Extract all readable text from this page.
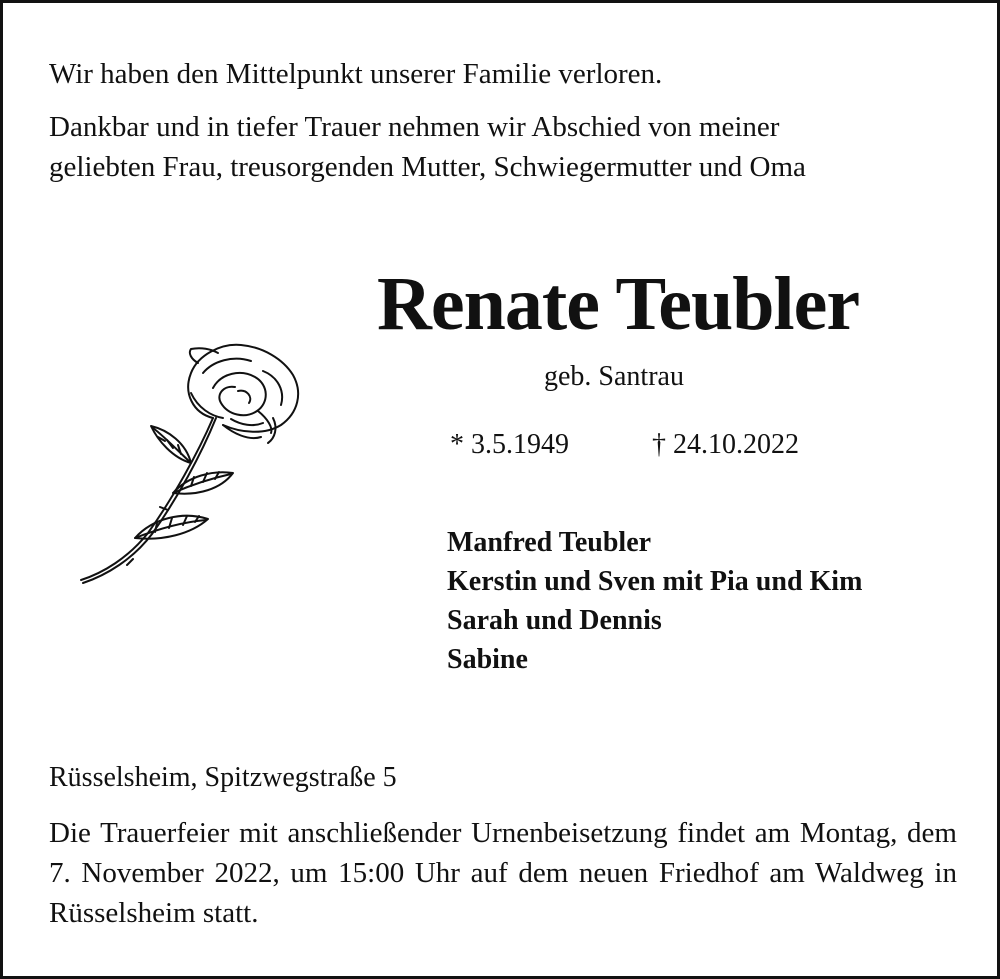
Wir haben den Mittelpunkt unserer Familie verloren.

Dankbar und in tiefer Trauer nehmen wir Abschied von meiner

geliebten Frau, treusorgenden Mutter, Schwiegermutter und Oma

Renate Teubler

geb. Santrau

* 3.5.1949	† 24.10.2022

Manfred Teubler

Kerstin und Sven mit Pia und Kim

Sarah und Dennis

Sabine

Rüsselsheim, Spitzwegstraße 5

Die Trauerfeier mit anschließender Urnenbeisetzung findet am Montag, dem 7. November 2022, um 15:00 Uhr auf dem neuen Friedhof am Waldweg in Rüsselsheim statt.
